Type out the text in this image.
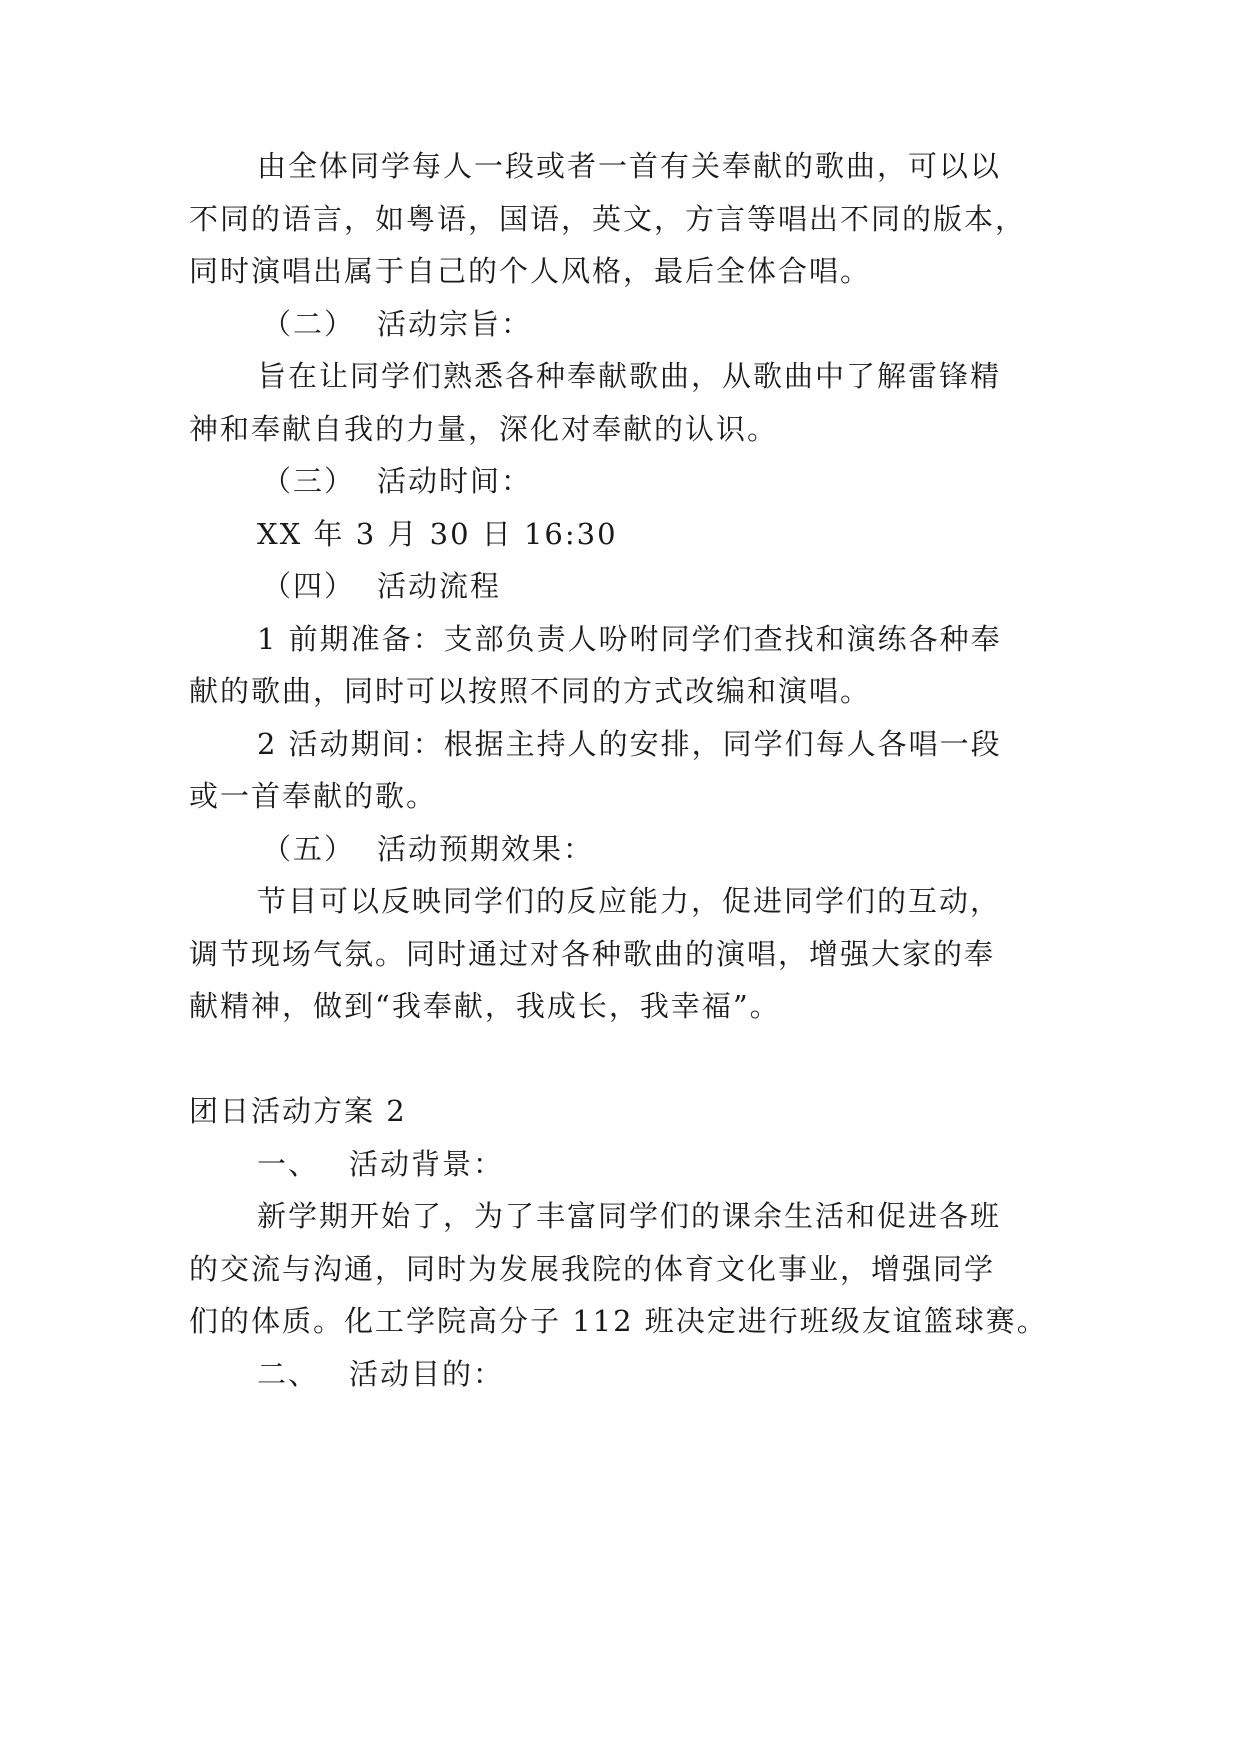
由全体同学每人一段或者一首有关奉献的歌曲，可以以
不同的语言，如粤语，国语，英文，方言等唱出不同的版本，
同时演唱出属于自己的个人风格，最后全体合唱。
（二） 活动宗旨：
旨在让同学们熟悉各种奉献歌曲，从歌曲中了解雷锋精
神和奉献自我的力量，深化对奉献的认识。
（三） 活动时间：
XX 年 3 月 30 日 16:30
（四） 活动流程
1 前期准备：支部负责人吩咐同学们查找和演练各种奉
献的歌曲，同时可以按照不同的方式改编和演唱。
2 活动期间：根据主持人的安排，同学们每人各唱一段
或一首奉献的歌。
（五） 活动预期效果：
节目可以反映同学们的反应能力，促进同学们的互动，
调节现场气氛。同时通过对各种歌曲的演唱，增强大家的奉
献精神，做到“我奉献，我成长，我幸福”。
团日活动方案 2
一、 活动背景：
新学期开始了，为了丰富同学们的课余生活和促进各班
的交流与沟通，同时为发展我院的体育文化事业，增强同学
们的体质。化工学院高分子 112 班决定进行班级友谊篮球赛。
二、 活动目的：
